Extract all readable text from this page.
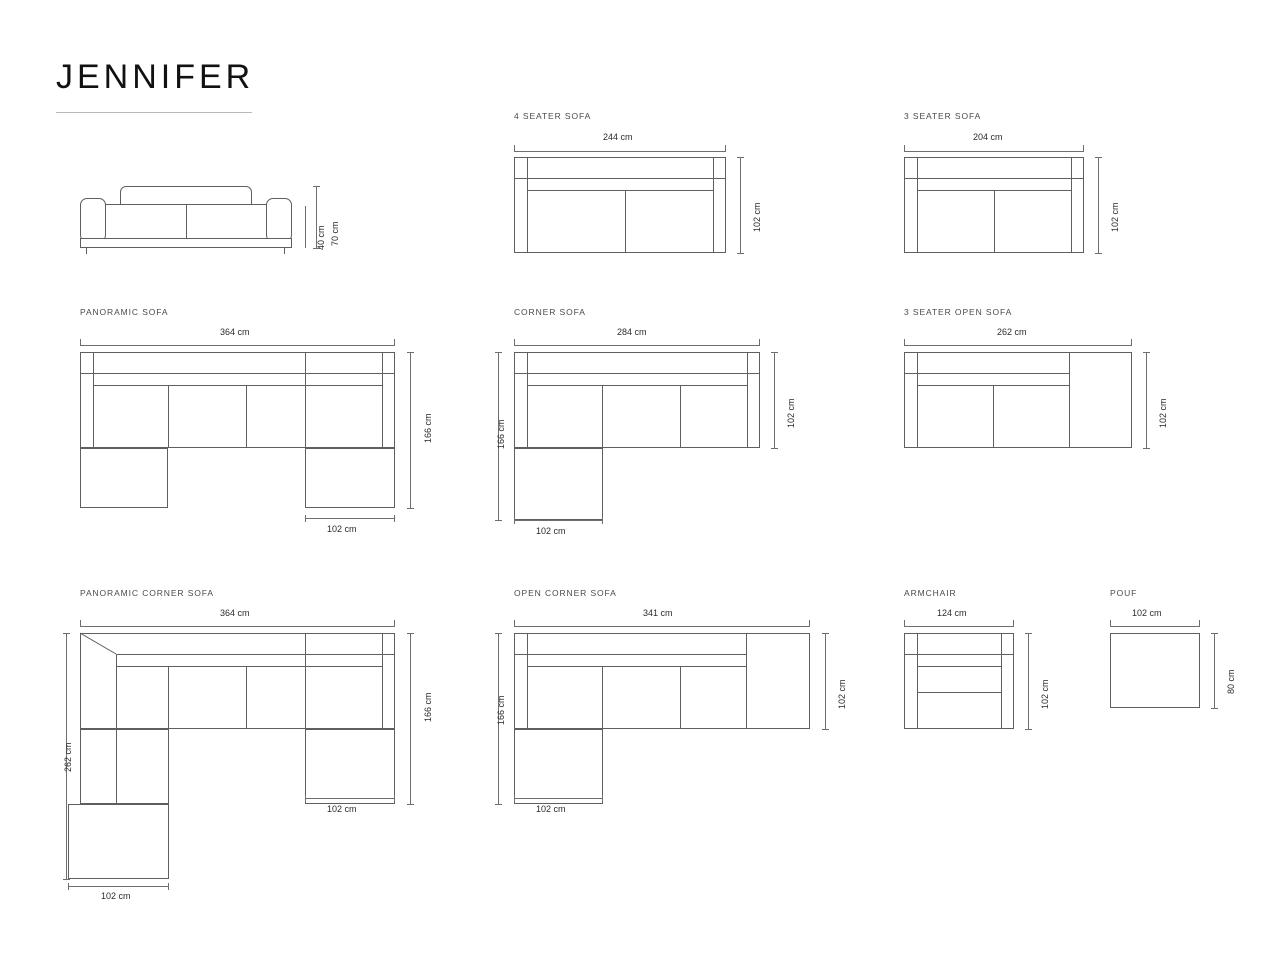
JENNIFER
70 cm
40 cm
4 SEATER SOFA
244 cm
102 cm
3 SEATER SOFA
204 cm
102 cm
PANORAMIC SOFA
364 cm
166 cm
102 cm
CORNER SOFA
284 cm
166 cm
102 cm
102 cm
3 SEATER OPEN SOFA
262 cm
102 cm
PANORAMIC CORNER SOFA
364 cm
166 cm
262 cm
102 cm
102 cm
OPEN CORNER SOFA
341 cm
166 cm
102 cm
102 cm
ARMCHAIR
124 cm
102 cm
POUF
102 cm
80 cm
